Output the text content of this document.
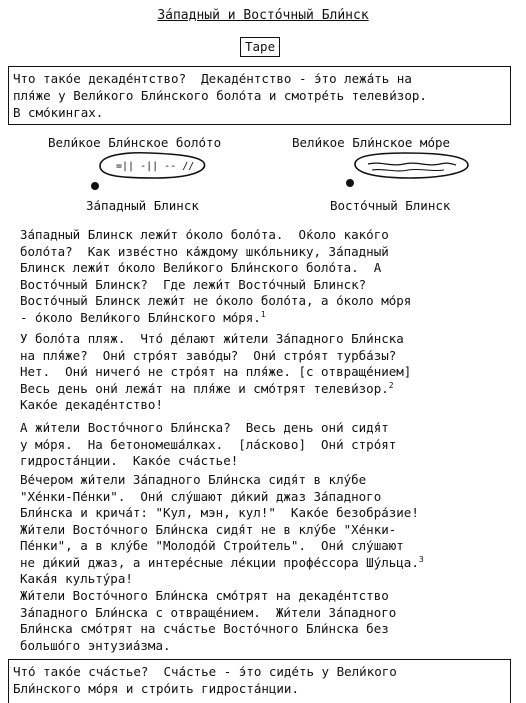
За́падный и Восто́чный Бли́нск
Tape
Что тако́е декаде́нтство?  Декаде́нтство - э́то лежа́ть на
пля́же у Вели́кого Бли́нского боло́та и смотре́ть телеви́зор.
В смо́кингах.
Вели́кое Бли́нское боло́то	Вели́кое Бли́нское мо́ре
=|| -|| -- //
За́падный Блинск	Восто́чный Блинск
За́падный Блинск лежи́т о́коло боло́та.  О́коло како́го
боло́та?  Как изве́стно ка́ждому шко́льнику, За́падный
Блинск лежи́т о́коло Вели́кого Бли́нского боло́та.  А
Восто́чный Блинск?  Где лежи́т Восто́чный Блинск?
Восто́чный Блинск лежи́т не о́коло боло́та, а о́коло мо́ря
- о́коло Вели́кого Бли́нского мо́ря.$^1$
У боло́та пляж.  Что́ де́лают жи́тели За́падного Бли́нска
на пля́же?  Они́ стро́ят заво́ды?  Они́ стро́ят турба́зы?
Нет.  Они́ ничего́ не стро́ят на пля́же. [с отвраще́нием]
Весь день они́ лежа́т на пля́же и смо́трят телеви́зор.$^2$
Како́е декаде́нтство!
А жи́тели Восто́чного Бли́нска?  Весь день они́ сидя́т
у мо́ря.  На бетономеша́лках.  [ла́сково]  Они́ стро́ят
гидроста́нции.  Како́е сча́стье!
Ве́чером жи́тели За́падного Бли́нска сидя́т в клу́бе
"Хе́нки-Пе́нки".  Они́ слу́шают ди́кий джаз За́падного
Бли́нска и крича́т: "Кул, мэн, кул!"  Како́е безобра́зие!
Жи́тели Восто́чного Бли́нска сидя́т не в клу́бе "Хе́нки-
Пе́нки", а в клу́бе "Молодо́й Строи́тель".  Они́ слу́шают
не ди́кий джаз, а интере́сные ле́кции профе́ссора Шу́льца.$^3$
Кака́я культу́ра!
Жи́тели Восто́чного Бли́нска смо́трят на декаде́нтство
За́падного Бли́нска с отвраще́нием.  Жи́тели За́падного
Бли́нска смо́трят на сча́стье Восто́чного Бли́нска без
большо́го энтузиа́зма.
Что́ тако́е сча́стье?  Сча́стье - э́то сиде́ть у Вели́кого
Бли́нского мо́ря и стро́ить гидроста́нции.
